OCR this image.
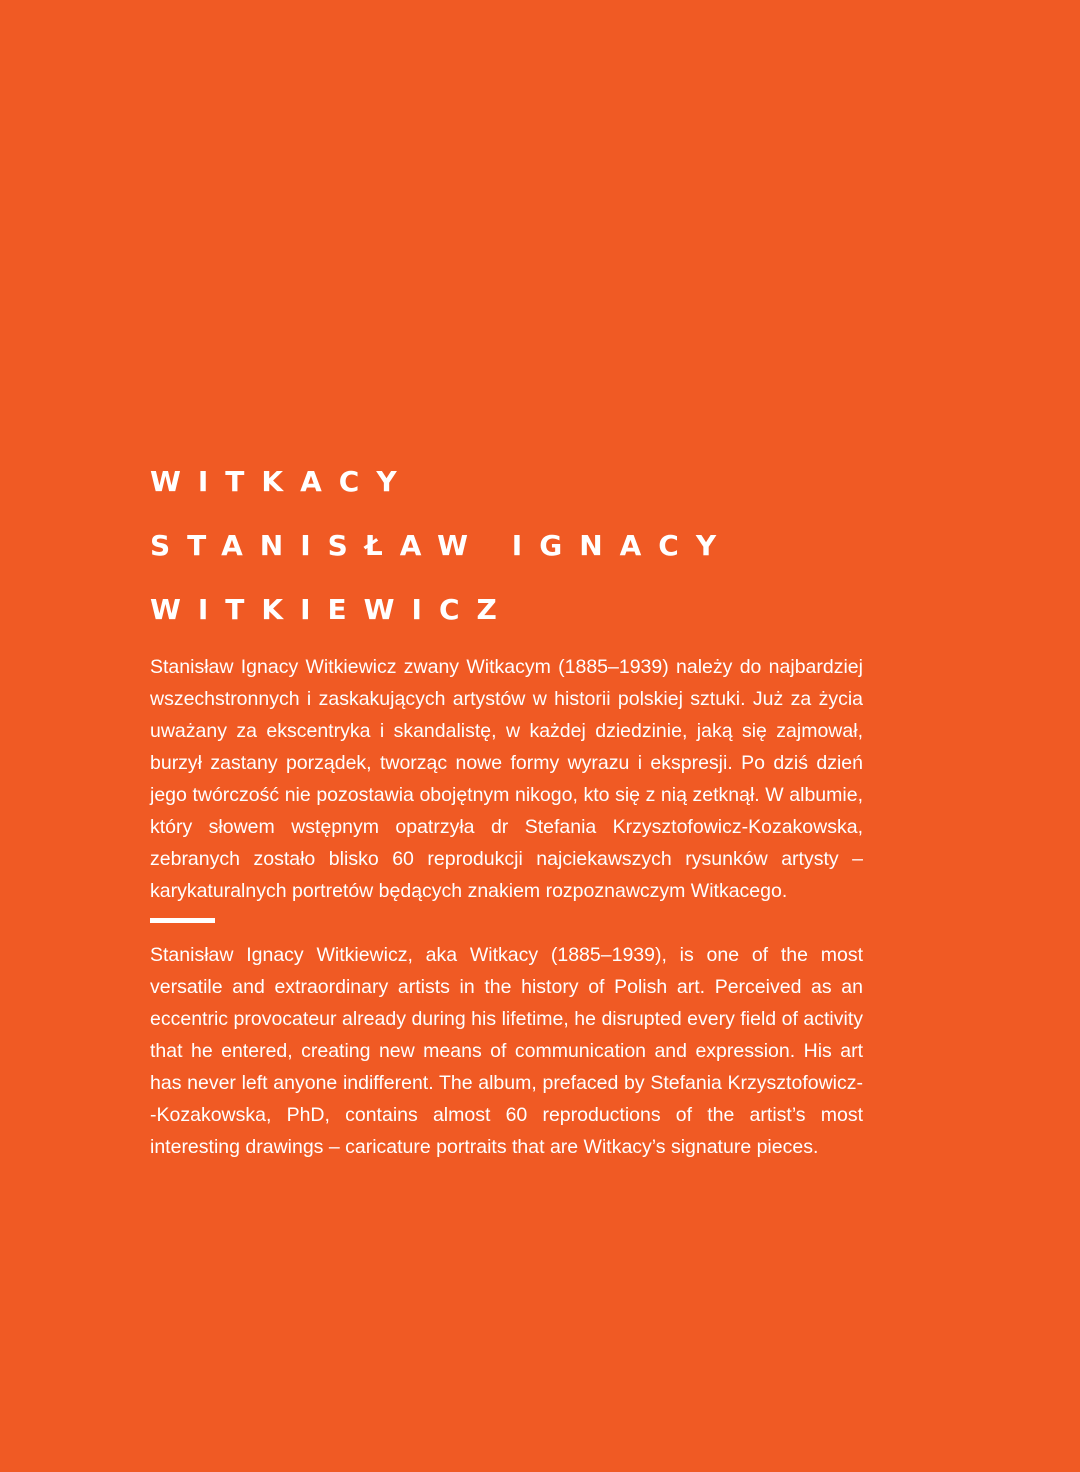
WITKACY
STANISŁAW IGNACY
WITKIEWICZ
Stanisław Ignacy Witkiewicz zwany Witkacym (1885–1939) należy do najbardziej wszechstronnych i zaskakujących artystów w historii polskiej sztuki. Już za życia uważany za ekscentryka i skandalistę, w każdej dziedzinie, jaką się zajmował, burzył zastany porządek, tworząc nowe formy wyrazu i ekspresji. Po dziś dzień jego twórczość nie pozostawia obojętnym nikogo, kto się z nią zetknął. W albumie, który słowem wstępnym opatrzyła dr Stefania Krzysztofowicz-Kozakowska, zebranych zostało blisko 60 reprodukcji najciekawszych rysunków artysty – karykaturalnych portretów będących znakiem rozpoznawczym Witkacego.
Stanisław Ignacy Witkiewicz, aka Witkacy (1885–1939), is one of the most versatile and extraordinary artists in the history of Polish art. Perceived as an eccentric provocateur already during his lifetime, he disrupted every field of activity that he entered, creating new means of communication and expression. His art has never left anyone indifferent. The album, prefaced by Stefania Krzysztofowicz--Kozakowska, PhD, contains almost 60 reproductions of the artist’s most interesting drawings – caricature portraits that are Witkacy’s signature pieces.
